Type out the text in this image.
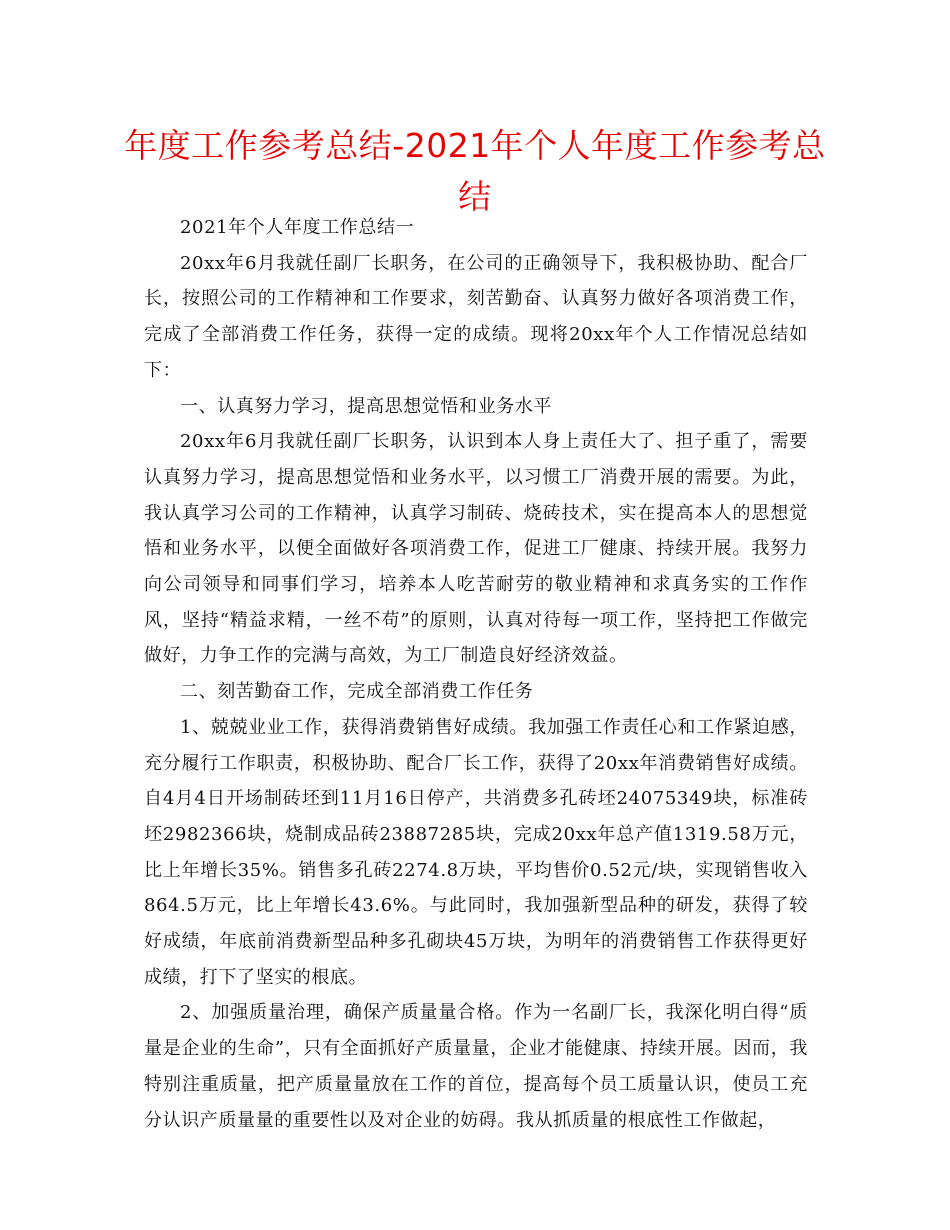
年度工作参考总结-2021年个人年度工作参考总结

2021年个人年度工作总结一

20xx年6月我就任副厂长职务，在公司的正确领导下，我积极协助、配合厂长，按照公司的工作精神和工作要求，刻苦勤奋、认真努力做好各项消费工作，完成了全部消费工作任务，获得一定的成绩。现将20xx年个人工作情况总结如下：

一、认真努力学习，提高思想觉悟和业务水平

20xx年6月我就任副厂长职务，认识到本人身上责任大了、担子重了，需要认真努力学习，提高思想觉悟和业务水平，以习惯工厂消费开展的需要。为此，我认真学习公司的工作精神，认真学习制砖、烧砖技术，实在提高本人的思想觉悟和业务水平，以便全面做好各项消费工作，促进工厂健康、持续开展。我努力向公司领导和同事们学习，培养本人吃苦耐劳的敬业精神和求真务实的工作作风，坚持“精益求精，一丝不苟”的原则，认真对待每一项工作，坚持把工作做完做好，力争工作的完满与高效，为工厂制造良好经济效益。

二、刻苦勤奋工作，完成全部消费工作任务

1、兢兢业业工作，获得消费销售好成绩。我加强工作责任心和工作紧迫感，充分履行工作职责，积极协助、配合厂长工作，获得了20xx年消费销售好成绩。自4月4日开场制砖坯到11月16日停产，共消费多孔砖坯24075349块，标准砖坯2982366块，烧制成品砖23887285块，完成20xx年总产值1319.58万元，比上年增长35%。销售多孔砖2274.8万块，平均售价0.52元/块，实现销售收入864.5万元，比上年增长43.6%。与此同时，我加强新型品种的研发，获得了较好成绩，年底前消费新型品种多孔砌块45万块，为明年的消费销售工作获得更好成绩，打下了坚实的根底。

2、加强质量治理，确保产质量量合格。作为一名副厂长，我深化明白得“质量是企业的生命”，只有全面抓好产质量量，企业才能健康、持续开展。因而，我特别注重质量，把产质量量放在工作的首位，提高每个员工质量认识，使员工充分认识产质量量的重要性以及对企业的妨碍。我从抓质量的根底性工作做起，
